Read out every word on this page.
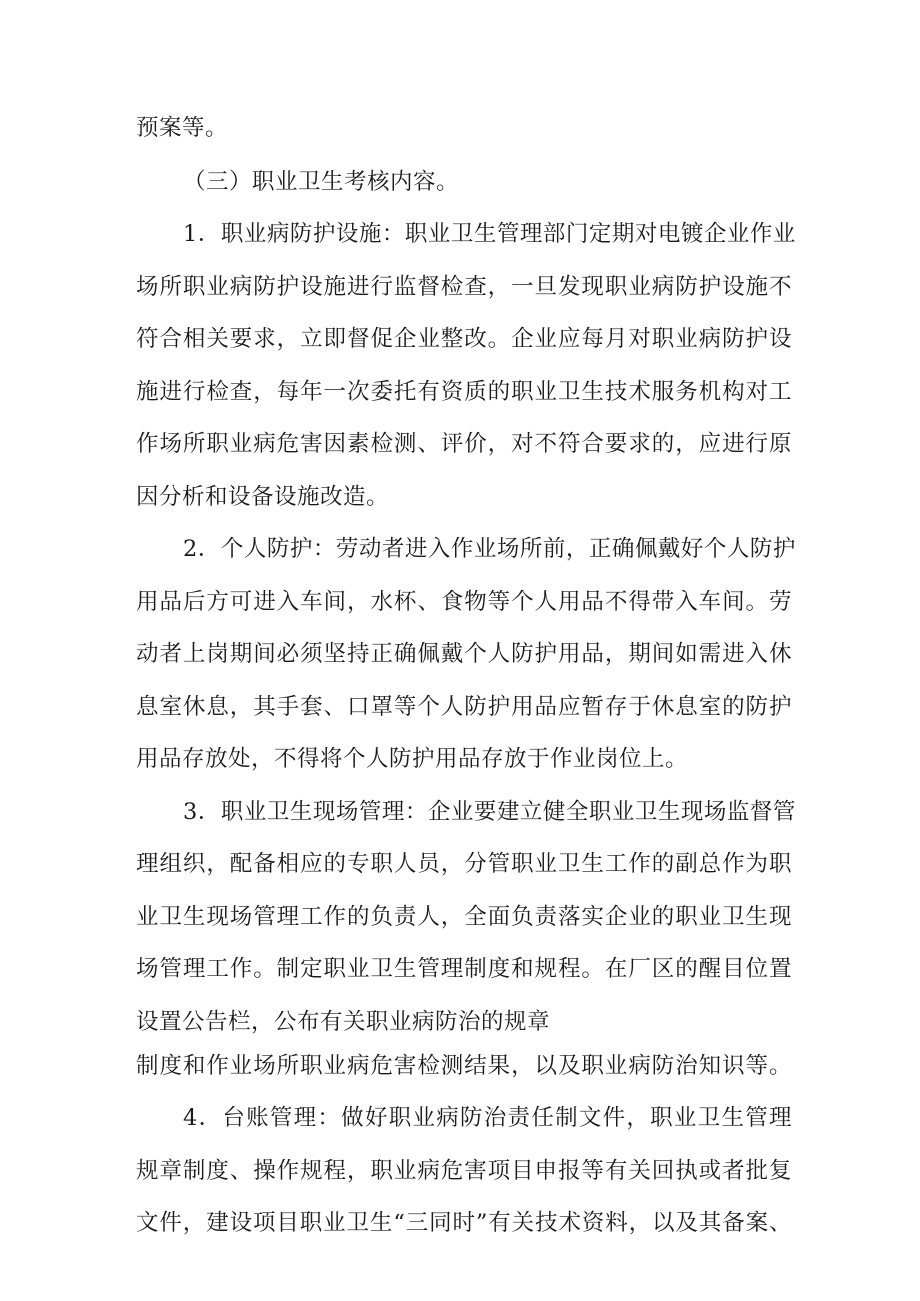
预案等。
（三）职业卫生考核内容。
1．职业病防护设施：职业卫生管理部门定期对电镀企业作业
场所职业病防护设施进行监督检查，一旦发现职业病防护设施不
符合相关要求，立即督促企业整改。企业应每月对职业病防护设
施进行检查，每年一次委托有资质的职业卫生技术服务机构对工
作场所职业病危害因素检测、评价，对不符合要求的，应进行原
因分析和设备设施改造。
2．个人防护：劳动者进入作业场所前，正确佩戴好个人防护
用品后方可进入车间，水杯、食物等个人用品不得带入车间。劳
动者上岗期间必须坚持正确佩戴个人防护用品，期间如需进入休
息室休息，其手套、口罩等个人防护用品应暂存于休息室的防护
用品存放处，不得将个人防护用品存放于作业岗位上。
3．职业卫生现场管理：企业要建立健全职业卫生现场监督管
理组织，配备相应的专职人员，分管职业卫生工作的副总作为职
业卫生现场管理工作的负责人，全面负责落实企业的职业卫生现
场管理工作。制定职业卫生管理制度和规程。在厂区的醒目位置
设置公告栏，公布有关职业病防治的规章
制度和作业场所职业病危害检测结果，以及职业病防治知识等。
4．台账管理：做好职业病防治责任制文件，职业卫生管理
规章制度、操作规程，职业病危害项目申报等有关回执或者批复
文件，建设项目职业卫生“三同时”有关技术资料，以及其备案、
